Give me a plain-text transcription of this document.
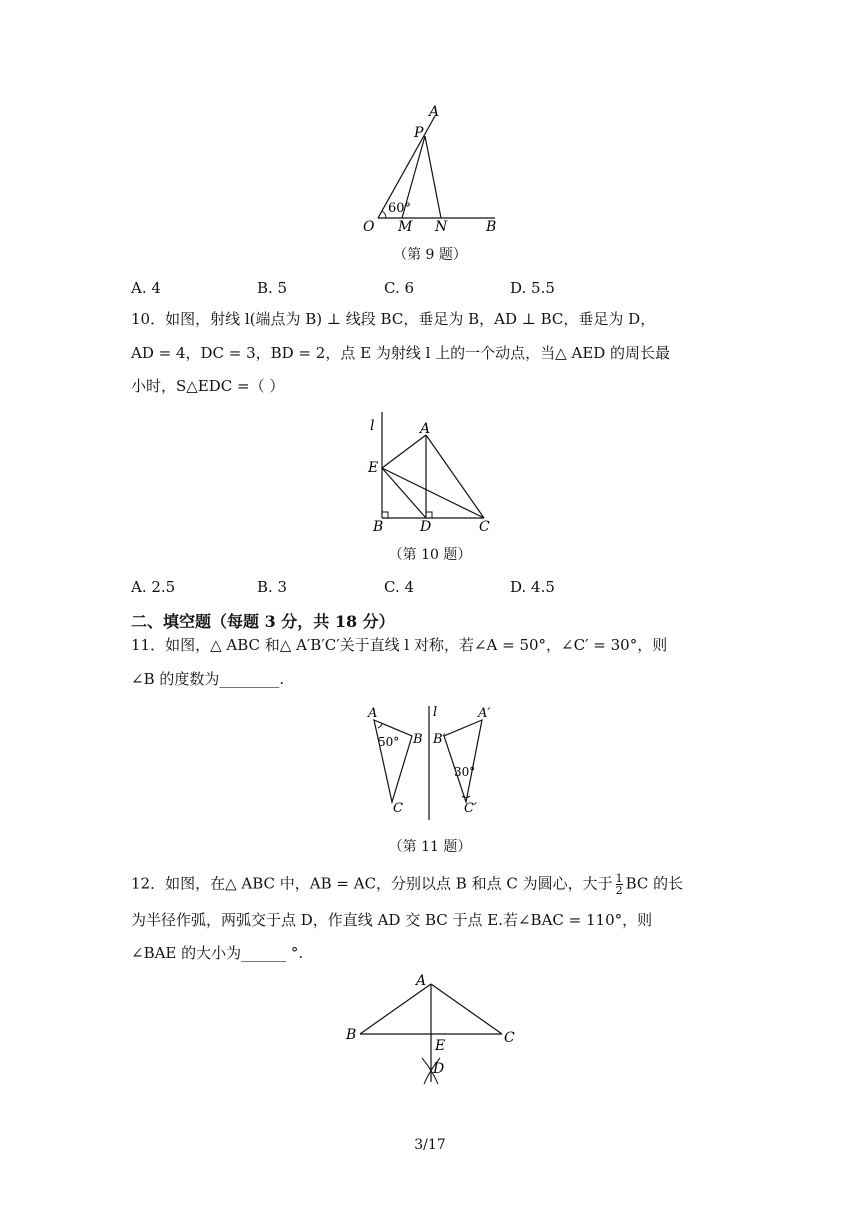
A
P
O M N	B
60°
（第 9 题）
A. 4	B. 5	C. 6	D. 5.5
10．如图，射线 l(端点为 B) ⊥ 线段 BC，垂足为 B，AD ⊥ BC，垂足为 D，
AD = 4，DC = 3，BD = 2，点 E 为射线 l 上的一个动点，当△ AED 的周长最
小时，S△EDC =（ ）
l	A
E
B	D	C
（第 10 题）
A. 2.5	B. 3	C. 4	D. 4.5
二、填空题（每题 3 分，共 18 分）
11．如图，△ ABC 和△ A′B′C′关于直线 l 对称，若∠A = 50°，∠C′ = 30°，则
∠B 的度数为________.
A
50° B
C
l	A′
B′
30°
C′
（第 11 题）
12．如图，在△ ABC 中，AB = AC，分别以点 B 和点 C 为圆心，大于 $\frac{1}{2}$ BC 的长
为半径作弧，两弧交于点 D，作直线 AD 交 BC 于点 E.若∠BAC = 110°，则
∠BAE 的大小为______ °.
A
B	C
E
D
3/17
